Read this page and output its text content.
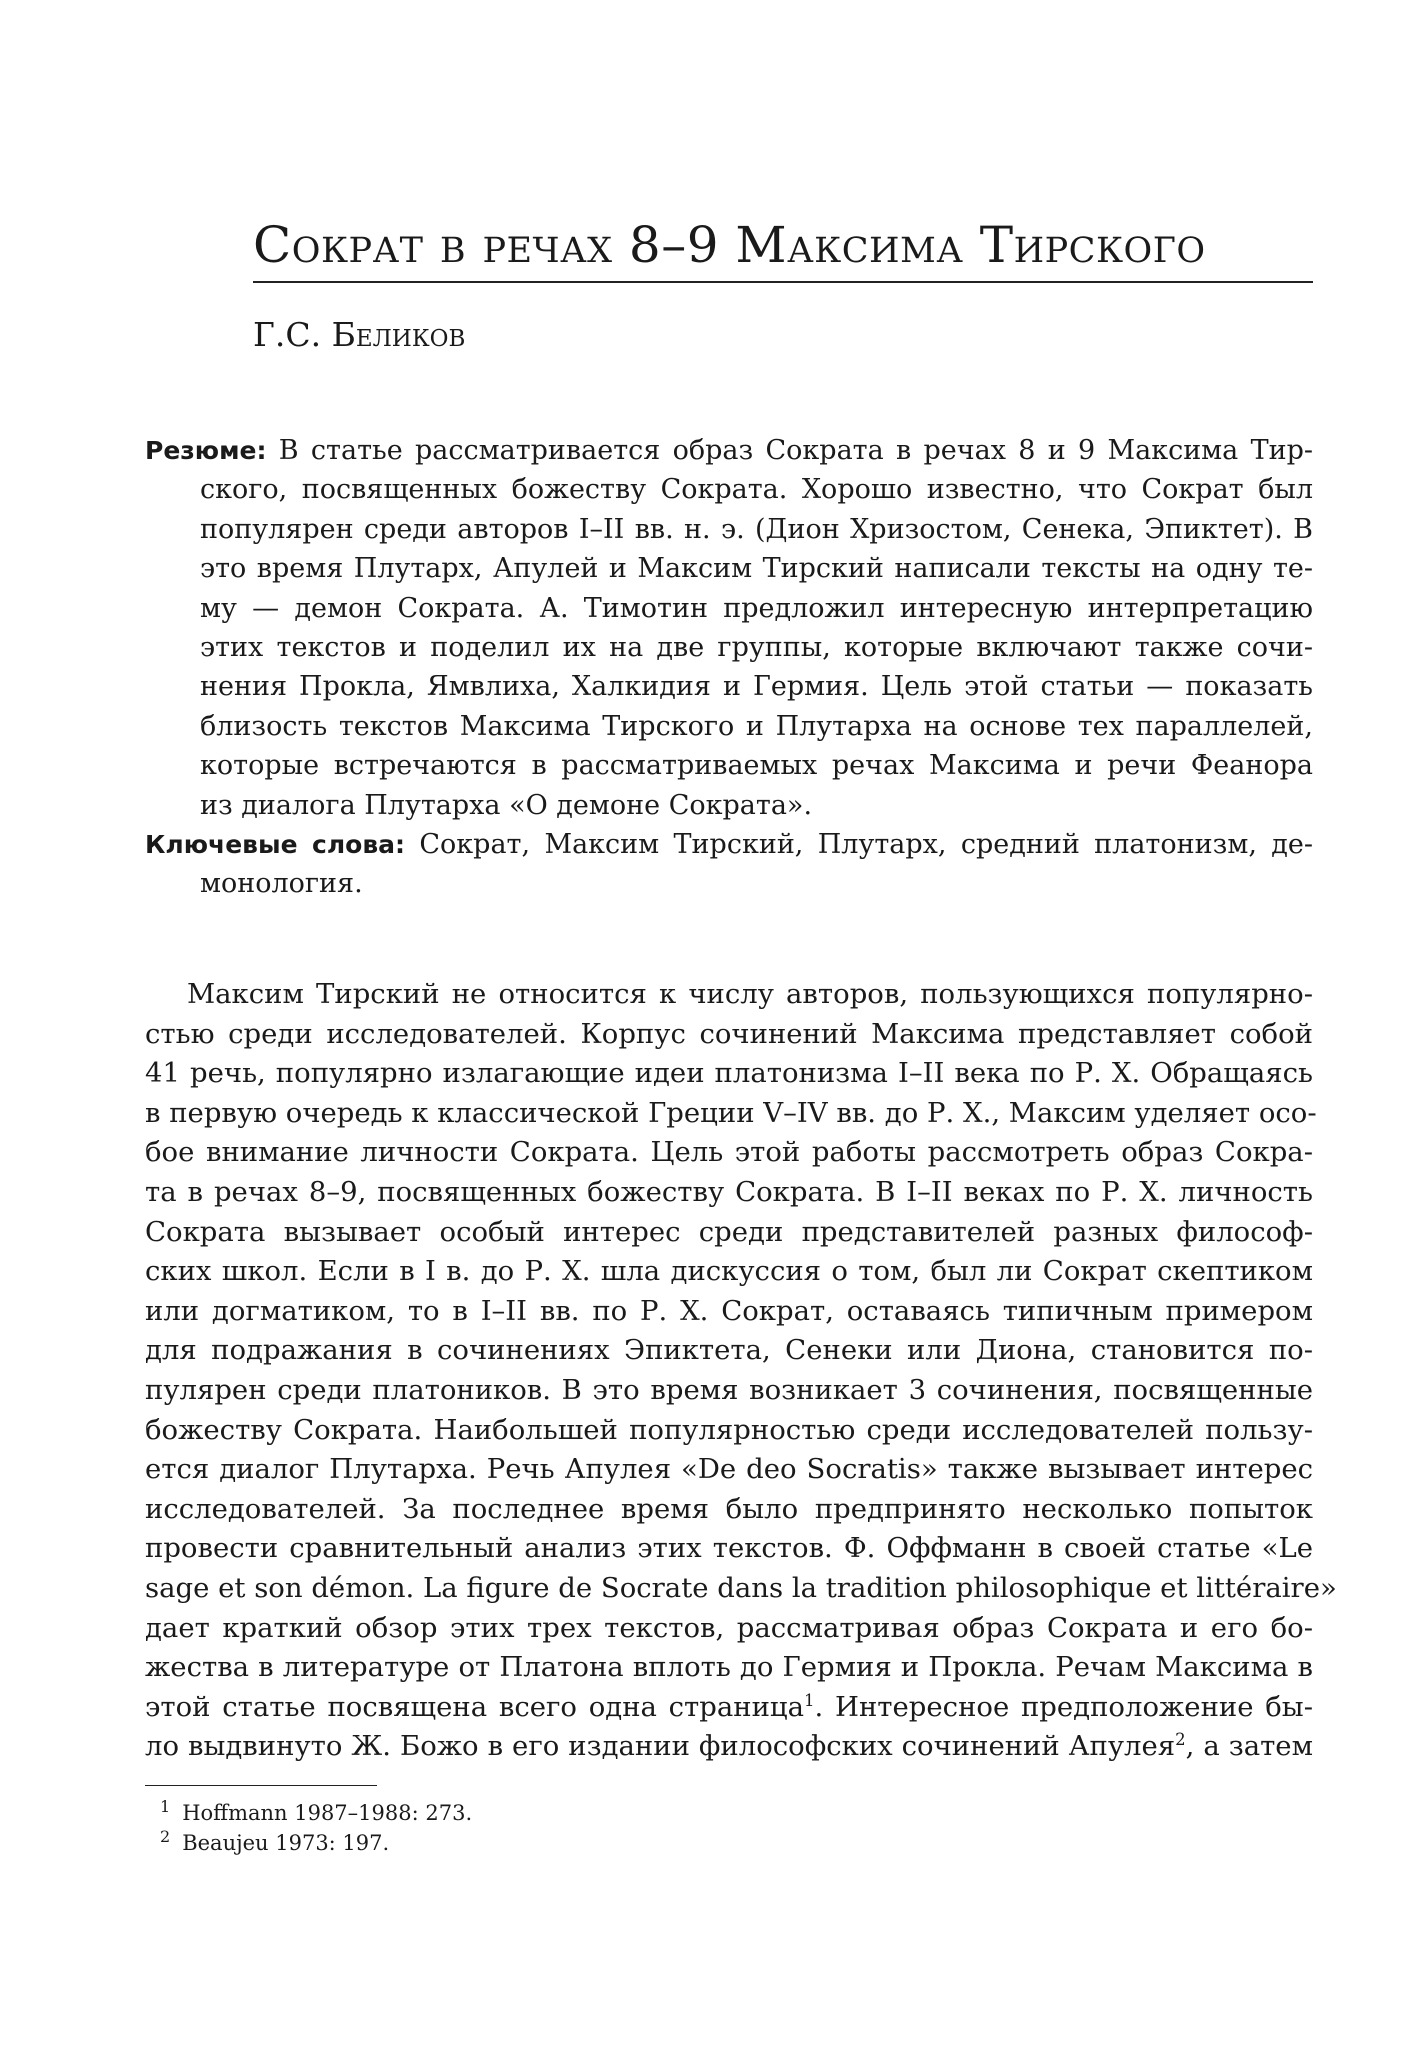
Сократ в речах 8–9 Максима Тирского
Г.С. Беликов
Резюме: В статье рассматривается образ Сократа в речах 8 и 9 Максима Тир-
ского, посвященных божеству Сократа. Хорошо известно, что Сократ был
популярен среди авторов I–II вв. н. э. (Дион Хризостом, Сенека, Эпиктет). В
это время Плутарх, Апулей и Максим Тирский написали тексты на одну те-
му — демон Сократа. А. Тимотин предложил интересную интерпретацию
этих текстов и поделил их на две группы, которые включают также сочи-
нения Прокла, Ямвлиха, Халкидия и Гермия. Цель этой статьи — показать
близость текстов Максима Тирского и Плутарха на основе тех параллелей,
которые встречаются в рассматриваемых речах Максима и речи Феанора
из диалога Плутарха «О демоне Сократа».
Ключевые слова: Сократ, Максим Тирский, Плутарх, средний платонизм, де-
монология.
Максим Тирский не относится к числу авторов, пользующихся популярно-
стью среди исследователей. Корпус сочинений Максима представляет собой
41 речь, популярно излагающие идеи платонизма I–II века по Р. Х. Обращаясь
в первую очередь к классической Греции V–IV вв. до Р. Х., Максим уделяет осо-
бое внимание личности Сократа. Цель этой работы рассмотреть образ Сокра-
та в речах 8–9, посвященных божеству Сократа. В I–II веках по Р. Х. личность
Сократа вызывает особый интерес среди представителей разных философ-
ских школ. Если в I в. до Р. Х. шла дискуссия о том, был ли Сократ скептиком
или догматиком, то в I–II вв. по Р. Х. Сократ, оставаясь типичным примером
для подражания в сочинениях Эпиктета, Сенеки или Диона, становится по-
пулярен среди платоников. В это время возникает 3 сочинения, посвященные
божеству Сократа. Наибольшей популярностью среди исследователей пользу-
ется диалог Плутарха. Речь Апулея «De deo Socratis» также вызывает интерес
исследователей. За последнее время было предпринято несколько попыток
провести сравнительный анализ этих текстов. Ф. Оффманн в своей статье «Le
sage et son démon. La figure de Socrate dans la tradition philosophique et littéraire»
дает краткий обзор этих трех текстов, рассматривая образ Сократа и его бо-
жества в литературе от Платона вплоть до Гермия и Прокла. Речам Максима в
этой статье посвящена всего одна страница$^1$. Интересное предположение бы-
ло выдвинуто Ж. Божо в его издании философских сочинений Апулея$^2$, а затем
$^1$ Hoffmann 1987–1988: 273.
$^2$ Beaujeu 1973: 197.
